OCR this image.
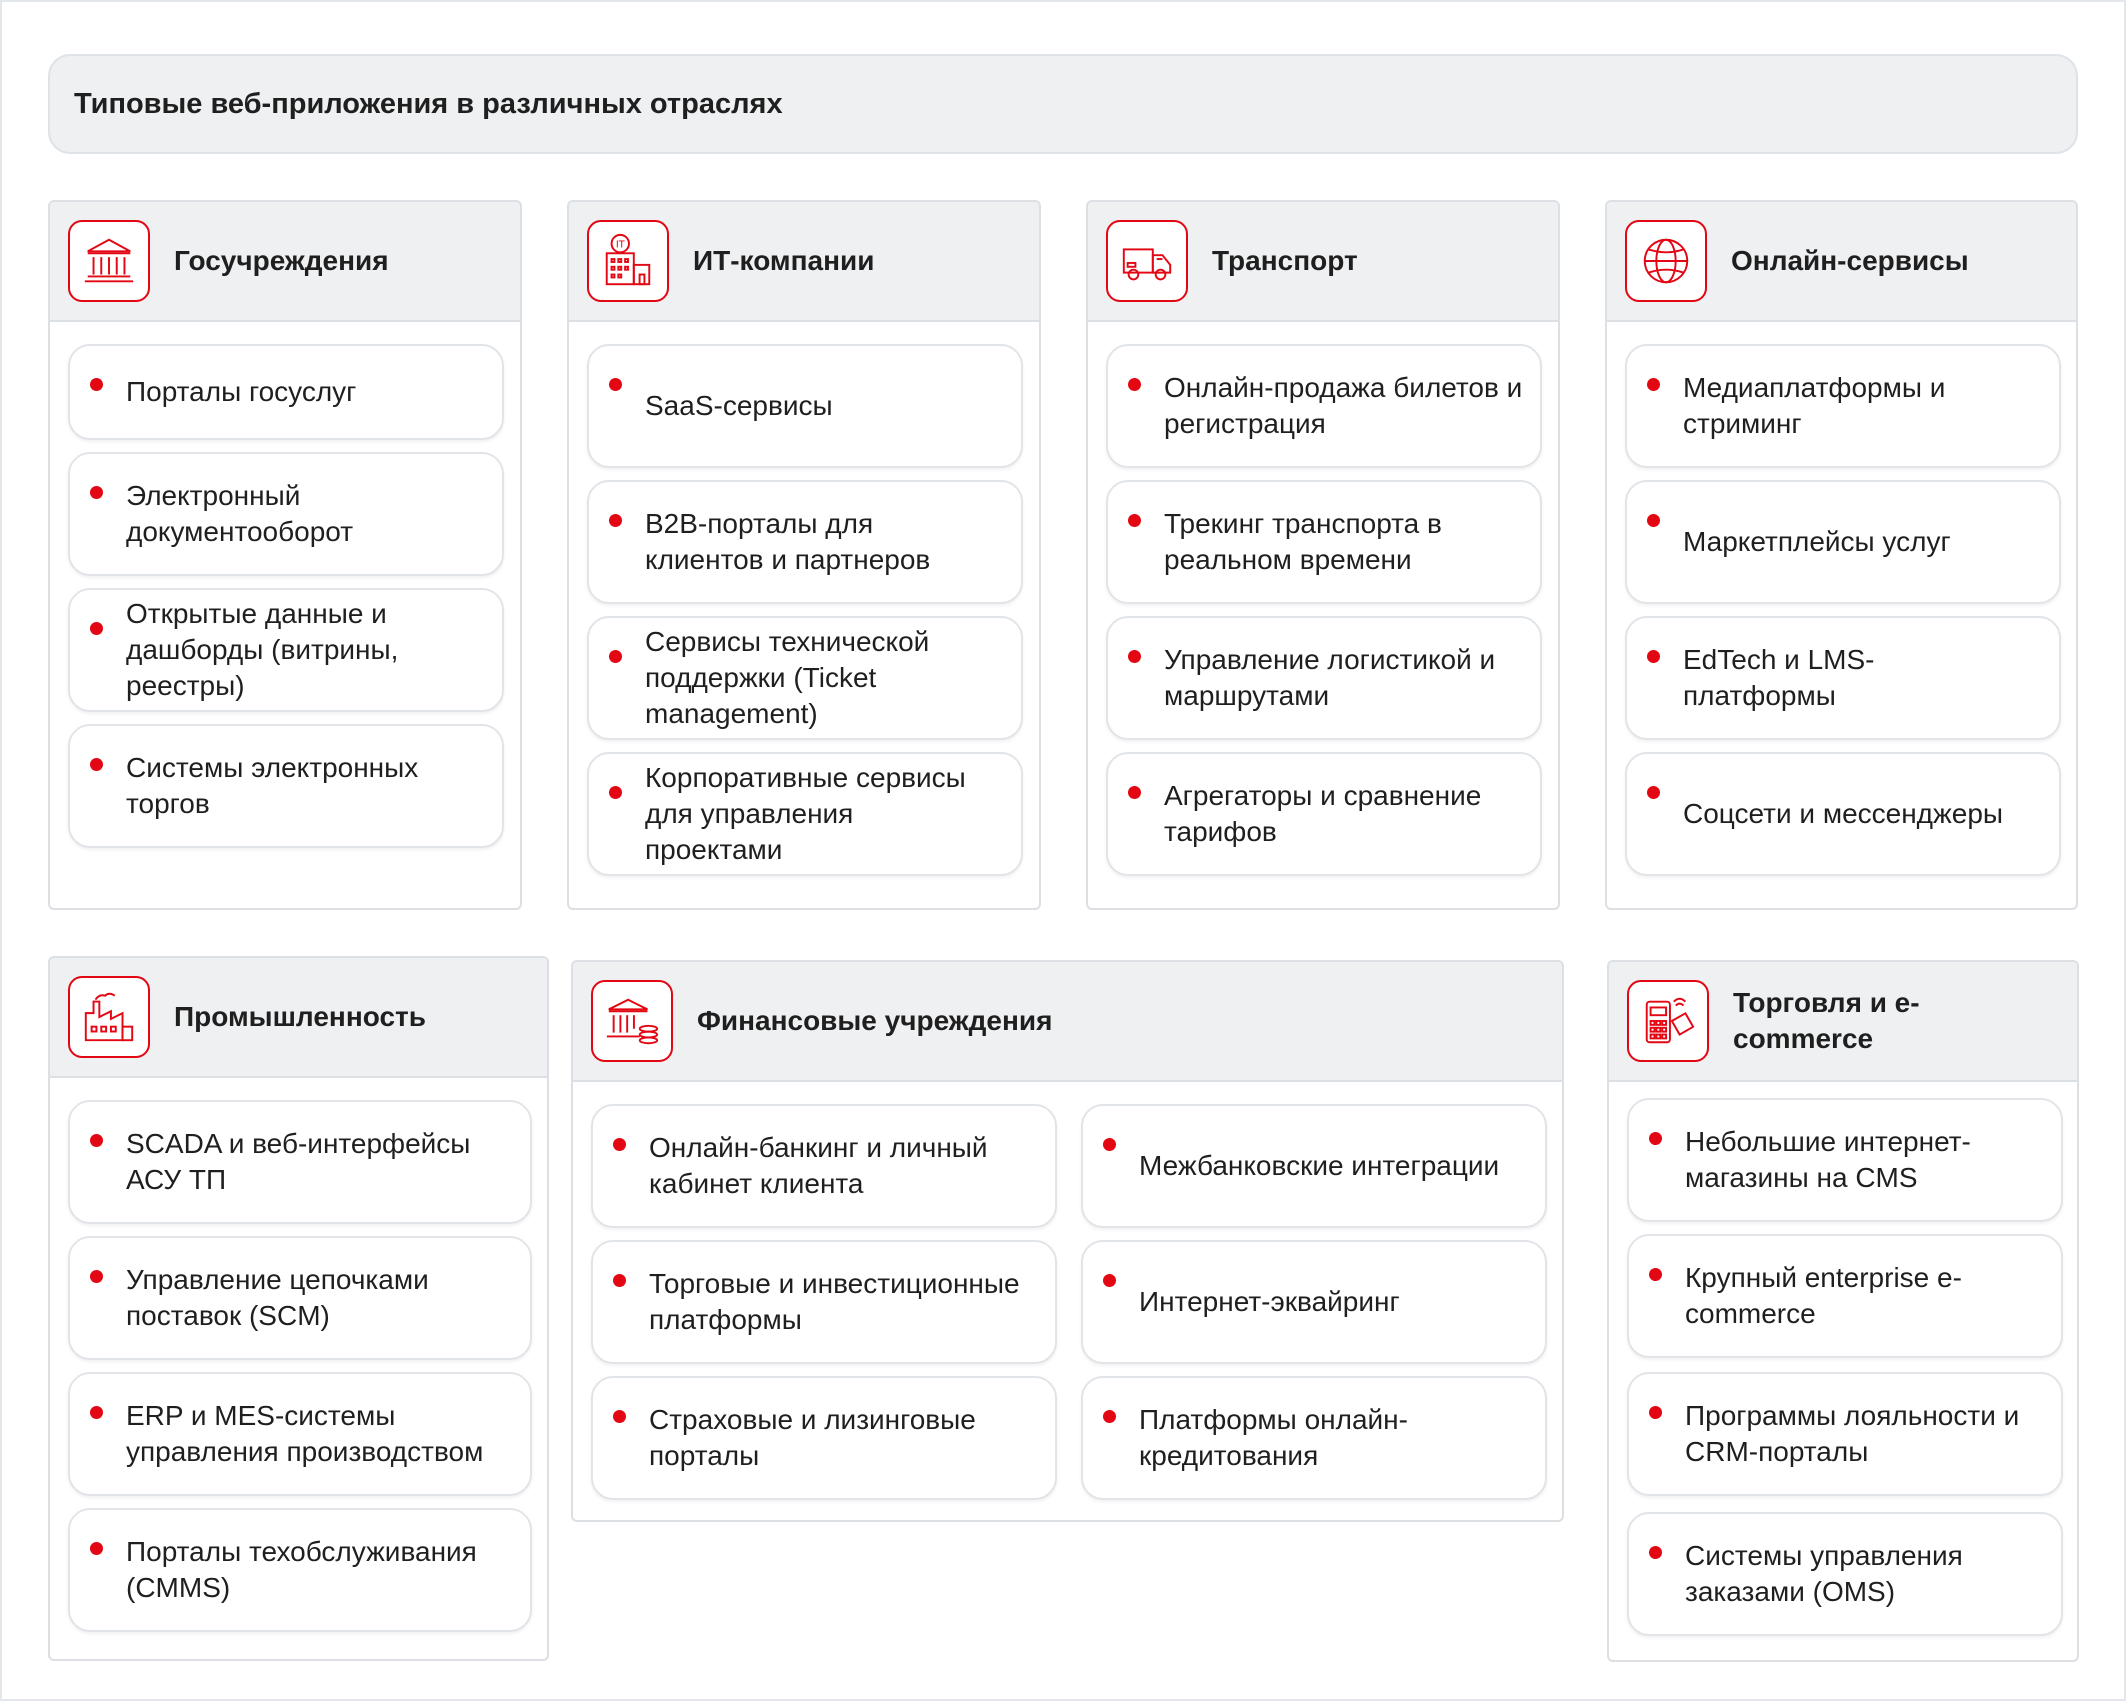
Типовые веб-приложения в различных отраслях
Госучреждения
Порталы госуслуг
Электронный документооборот
Открытые данные и дашборды (витрины, реестры)
Системы электронных торгов
IT
ИТ-компании
SaaS-сервисы
B2B-порталы для клиентов и партнеров
Сервисы технической поддержки (Ticket management)
Корпоративные сервисы для управления проектами
Транспорт
Онлайн-продажа билетов и регистрация
Трекинг транспорта в реальном времени
Управление логистикой и маршрутами
Агрегаторы и сравнение тарифов
Онлайн-сервисы
Медиаплатформы и стриминг
Маркетплейсы услуг
EdTech и LMS-платформы
Соцсети и мессенджеры
Промышленность
SCADA и веб-интерфейсы АСУ ТП
Управление цепочками поставок (SCM)
ERP и MES-системы управления производством
Порталы техобслуживания (CMMS)
Финансовые учреждения
Онлайн-банкинг и личный кабинет клиента
Межбанковские интеграции
Торговые и инвестиционные платформы
Интернет-эквайринг
Страховые и лизинговые порталы
Платформы онлайн-кредитования
Торговля и e-commerce
Небольшие интернет-магазины на CMS
Крупный enterprise e-commerce
Программы лояльности и CRM-порталы
Системы управления заказами (OMS)
